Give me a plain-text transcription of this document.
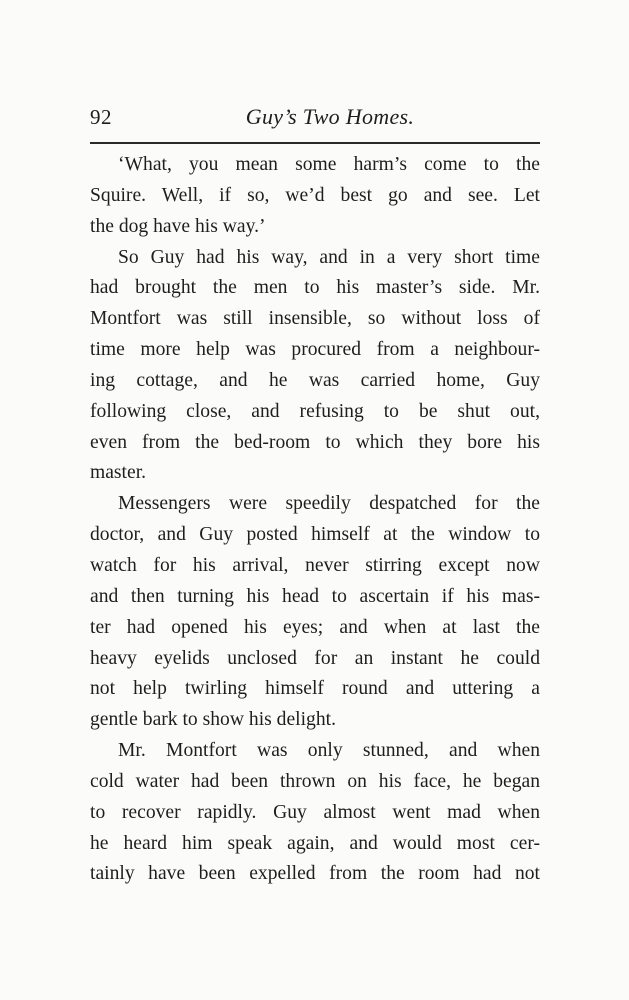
92	Guy’s Two Homes.
‘What, you mean some harm’s come to the
Squire. Well, if so, we’d best go and see. Let
the dog have his way.’
So Guy had his way, and in a very short time
had brought the men to his master’s side. Mr.
Montfort was still insensible, so without loss of
time more help was procured from a neighbour-
ing cottage, and he was carried home, Guy
following close, and refusing to be shut out,
even from the bed-room to which they bore his
master.
Messengers were speedily despatched for the
doctor, and Guy posted himself at the window to
watch for his arrival, never stirring except now
and then turning his head to ascertain if his mas-
ter had opened his eyes; and when at last the
heavy eyelids unclosed for an instant he could
not help twirling himself round and uttering a
gentle bark to show his delight.
Mr. Montfort was only stunned, and when
cold water had been thrown on his face, he began
to recover rapidly. Guy almost went mad when
he heard him speak again, and would most cer-
tainly have been expelled from the room had not
